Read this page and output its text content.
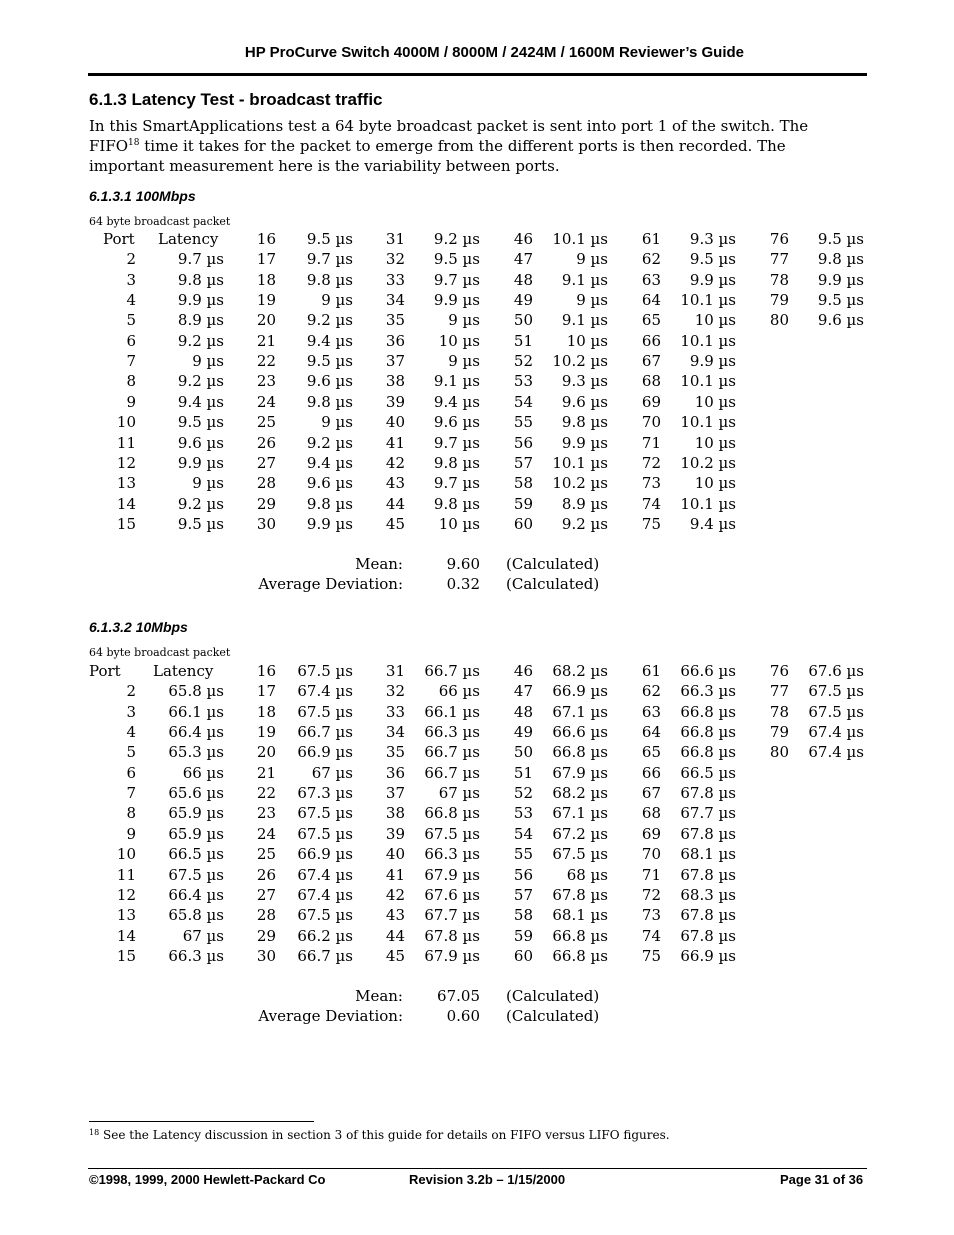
HP ProCurve Switch 4000M / 8000M / 2424M / 1600M Reviewer’s Guide
6.1.3 Latency Test - broadcast traffic
In this SmartApplications test a 64 byte broadcast packet is sent into port 1 of the switch. The FIFO$^{18}$ time it takes for the packet to emerge from the different ports is then recorded. The important measurement here is the variability between ports.
6.1.3.1 100Mbps
64 byte broadcast packet
Port Latency
2	9.7 µs
3	9.8 µs
4	9.9 µs
5	8.9 µs
6	9.2 µs
7	9 µs
8	9.2 µs
9	9.4 µs
10	9.5 µs
11	9.6 µs
12	9.9 µs
13	9 µs
14	9.2 µs
15	9.5 µs
16	9.5 µs
17	9.7 µs
18	9.8 µs
19	9 µs
20	9.2 µs
21	9.4 µs
22	9.5 µs
23	9.6 µs
24	9.8 µs
25	9 µs
26	9.2 µs
27	9.4 µs
28	9.6 µs
29	9.8 µs
30	9.9 µs
31	9.2 µs
32	9.5 µs
33	9.7 µs
34	9.9 µs
35	9 µs
36	10 µs
37	9 µs
38	9.1 µs
39	9.4 µs
40	9.6 µs
41	9.7 µs
42	9.8 µs
43	9.7 µs
44	9.8 µs
45	10 µs
46	10.1 µs
47	9 µs
48	9.1 µs
49	9 µs
50	9.1 µs
51	10 µs
52	10.2 µs
53	9.3 µs
54	9.6 µs
55	9.8 µs
56	9.9 µs
57	10.1 µs
58	10.2 µs
59	8.9 µs
60	9.2 µs
61	9.3 µs
62	9.5 µs
63	9.9 µs
64	10.1 µs
65	10 µs
66	10.1 µs
67	9.9 µs
68	10.1 µs
69	10 µs
70	10.1 µs
71	10 µs
72	10.2 µs
73	10 µs
74	10.1 µs
75	9.4 µs
76	9.5 µs
77	9.8 µs
78	9.9 µs
79	9.5 µs
80	9.6 µs
Mean:	9.60 (Calculated)
Average Deviation:	0.32 (Calculated)
6.1.3.2 10Mbps
64 byte broadcast packet
Port Latency
2	65.8 µs
3	66.1 µs
4	66.4 µs
5	65.3 µs
6	66 µs
7	65.6 µs
8	65.9 µs
9	65.9 µs
10	66.5 µs
11	67.5 µs
12	66.4 µs
13	65.8 µs
14	67 µs
15	66.3 µs
16	67.5 µs
17	67.4 µs
18	67.5 µs
19	66.7 µs
20	66.9 µs
21	67 µs
22	67.3 µs
23	67.5 µs
24	67.5 µs
25	66.9 µs
26	67.4 µs
27	67.4 µs
28	67.5 µs
29	66.2 µs
30	66.7 µs
31	66.7 µs
32	66 µs
33	66.1 µs
34	66.3 µs
35	66.7 µs
36	66.7 µs
37	67 µs
38	66.8 µs
39	67.5 µs
40	66.3 µs
41	67.9 µs
42	67.6 µs
43	67.7 µs
44	67.8 µs
45	67.9 µs
46	68.2 µs
47	66.9 µs
48	67.1 µs
49	66.6 µs
50	66.8 µs
51	67.9 µs
52	68.2 µs
53	67.1 µs
54	67.2 µs
55	67.5 µs
56	68 µs
57	67.8 µs
58	68.1 µs
59	66.8 µs
60	66.8 µs
61	66.6 µs
62	66.3 µs
63	66.8 µs
64	66.8 µs
65	66.8 µs
66	66.5 µs
67	67.8 µs
68	67.7 µs
69	67.8 µs
70	68.1 µs
71	67.8 µs
72	68.3 µs
73	67.8 µs
74	67.8 µs
75	66.9 µs
76	67.6 µs
77	67.5 µs
78	67.5 µs
79	67.4 µs
80	67.4 µs
Mean:	67.05 (Calculated)
Average Deviation:	0.60 (Calculated)
$^{18}$ See the Latency discussion in section 3 of this guide for details on FIFO versus LIFO figures.
©1998, 1999, 2000 Hewlett-Packard Co	Revision 3.2b – 1/15/2000	Page 31 of 36
